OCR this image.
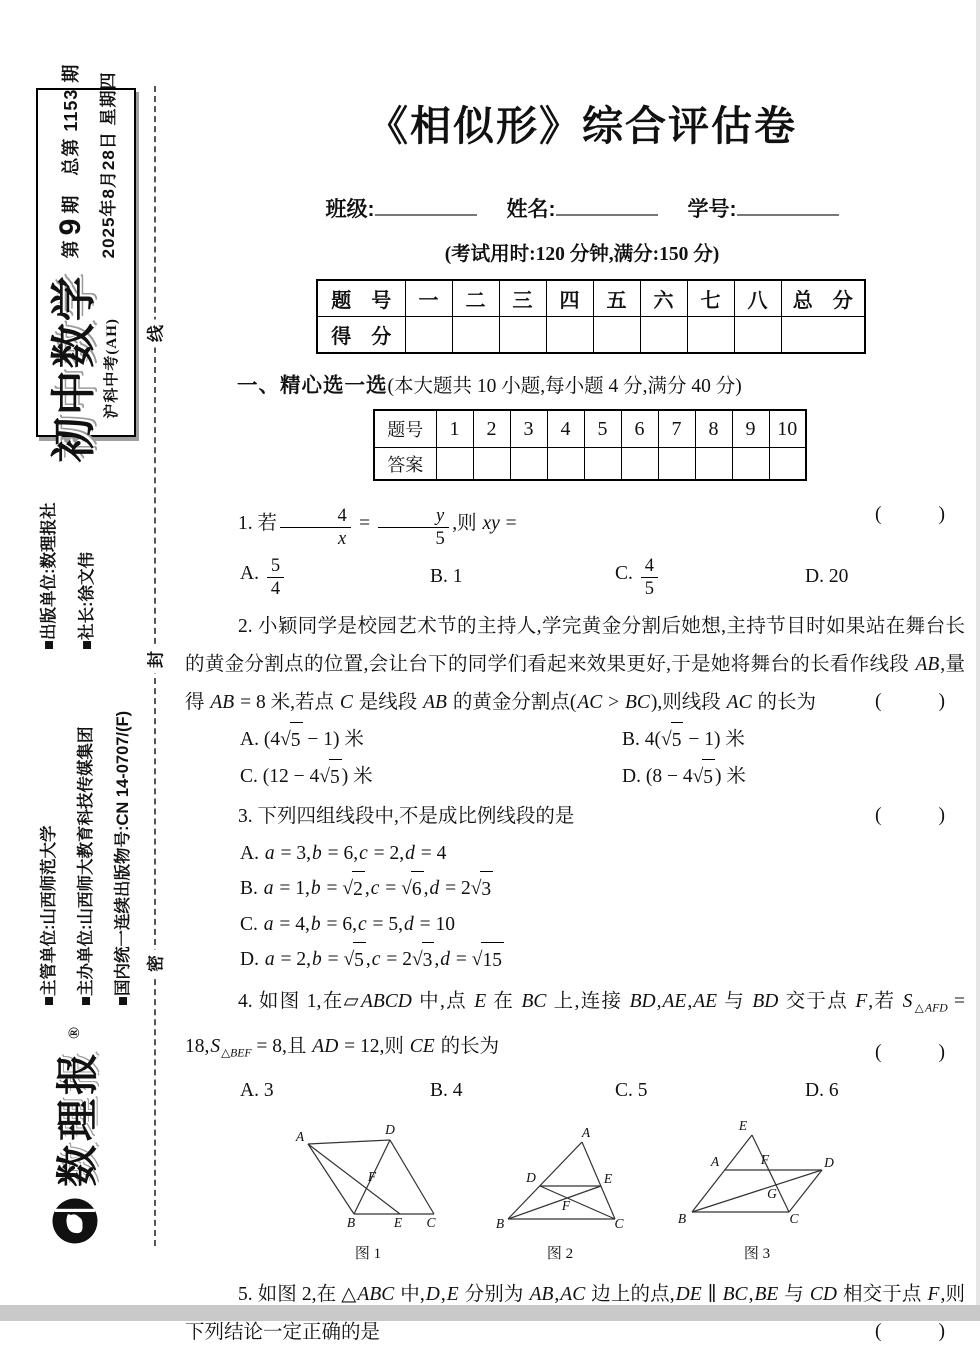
初中数学 沪科中考(AH)
第9期　总第 1153 期	2025年8月28日 星期四
■出版单位:数理报社	■社长:徐文伟
■主管单位:山西师范大学	■主办单位:山西师大教育科技传媒集团	■国内统一连续出版物号:CN 14-0707/(F)
数理报
®
线
封
密
《相似形》综合评估卷
班级:	姓名:	学号:
(考试用时:120 分钟,满分:150 分)
题　号	一	二	三	四	五	六	七	八	总　分
得　分									
一、精心选一选(本大题共 10 小题,每小题 4 分,满分 40 分)
题号	1	2	3	4	5	6	7	8	9	10
答案										

1. 若 $\frac{4}{x} = \frac{y}{5}$ ,则 xy =	(　　)

A. $\frac{5}{4}$	B. 1	C. $\frac{4}{5}$	D. 20

2. 小颖同学是校园艺术节的主持人,学完黄金分割后她想,主持节目时如果站在舞台长的黄金分割点的位置,会让台下的同学们看起来效果更好,于是她将舞台的长看作线段 AB,量得 AB = 8 米,若点 C 是线段 AB 的黄金分割点(AC > BC),则线段 AC 的长为	(　　)

A. (4√ 5 − 1) 米	B. 4(√ 5 − 1) 米
C. (12 − 4√ 5 ) 米	D. (8 − 4√ 5 ) 米

3. 下列四组线段中,不是成比例线段的是	(　　)

A. a = 3,b = 6,c = 2,d = 4
B. a = 1,b = √ 2 ,c = √ 6 ,d = 2√ 3
C. a = 4,b = 6,c = 5,d = 10
D. a = 2,b = √ 5 ,c = 2√ 3 ,d = √ 15

4. 如图 1,在▱ABCD 中,点 E 在 BC 上,连接 BD,AE,AE 与 BD 交于点 F,若 $S_{\triangle AFD} = 18,S_{\triangle BEF} = 8$,且 AD = 12,则 CE 的长为	(　　)

A. 3	B. 4	C. 5	D. 6
A	D
F
B	E C
图 1
A
D	E
F
B	C
图 2
E
F
A	D
G
B	C
图 3

5. 如图 2,在 △ABC 中,D,E 分别为 AB,AC 边上的点,DE ∥ BC,BE 与 CD 相交于点 F,则下列结论一定正确的是	(　　)
